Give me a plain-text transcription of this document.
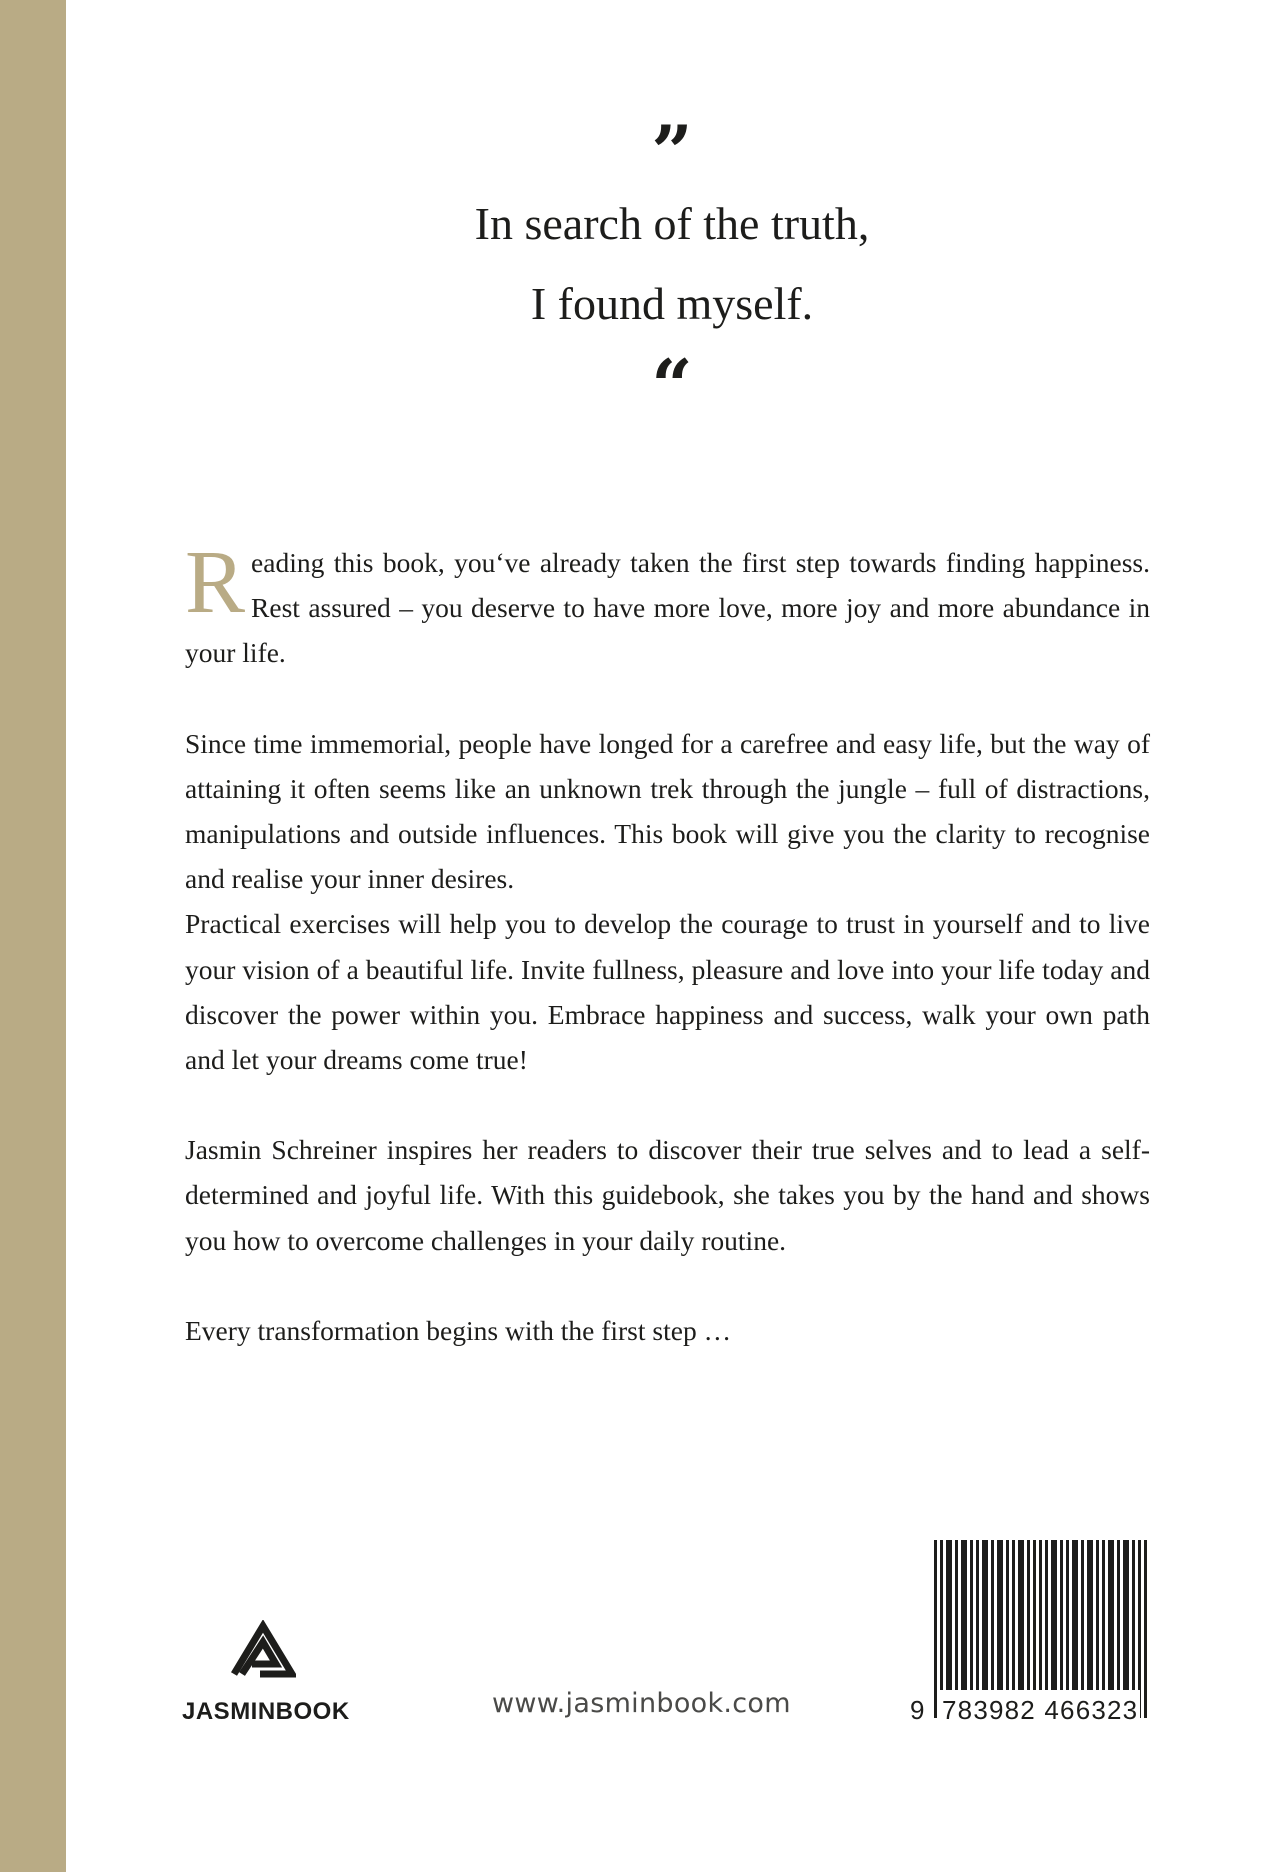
”
In search of the truth,
I found myself.
“

Reading this book, you‘ve already taken the first step towards finding happiness. Rest assured – you deserve to have more love, more joy and more abundance in your life.

Since time immemorial, people have longed for a carefree and easy life, but the way of attaining it often seems like an unknown trek through the jungle – full of distractions, manipulations and outside influences. This book will give you the clarity to recognise and realise your inner desires.

Practical exercises will help you to develop the courage to trust in yourself and to live your vision of a beautiful life. Invite fullness, pleasure and love into your life today and discover the power within you. Embrace happiness and success, walk your own path and let your dreams come true!

Jasmin Schreiner inspires her readers to discover their true selves and to lead a self-determined and joyful life. With this guidebook, she takes you by the hand and shows you how to overcome challenges in your daily routine.

Every transformation begins with the first step …

JASMINBOOK	www.jasminbook.com	9 783982 466323
